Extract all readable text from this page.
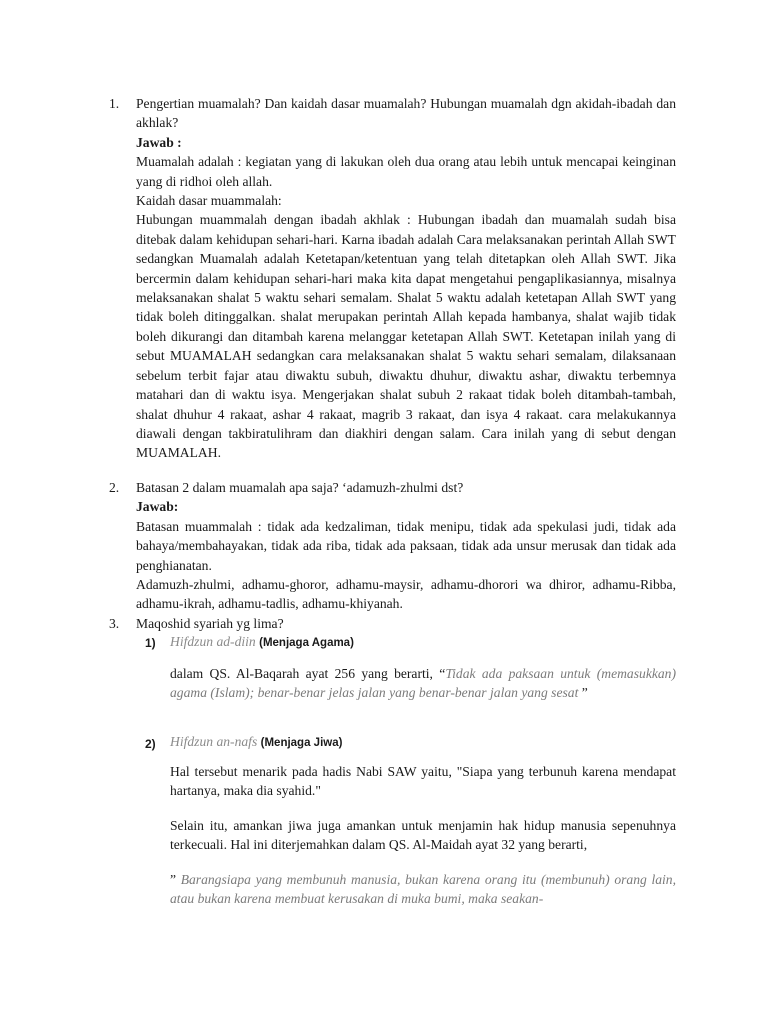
1. Pengertian muamalah? Dan kaidah dasar muamalah? Hubungan muamalah dgn akidah-ibadah dan akhlak?

Jawab :

Muamalah adalah : kegiatan yang di lakukan oleh dua orang atau lebih untuk mencapai keinginan yang di ridhoi oleh allah.

Kaidah dasar muammalah:

Hubungan muammalah dengan ibadah akhlak : Hubungan ibadah dan muamalah sudah bisa ditebak dalam kehidupan sehari-hari. Karna ibadah adalah Cara melaksanakan perintah Allah SWT sedangkan Muamalah adalah Ketetapan/ketentuan yang telah ditetapkan oleh Allah SWT. Jika bercermin dalam kehidupan sehari-hari maka kita dapat mengetahui pengaplikasiannya, misalnya melaksanakan shalat 5 waktu sehari semalam. Shalat 5 waktu adalah ketetapan Allah SWT yang tidak boleh ditinggalkan. shalat merupakan perintah Allah kepada hambanya, shalat wajib tidak boleh dikurangi dan ditambah karena melanggar ketetapan Allah SWT. Ketetapan inilah yang di sebut MUAMALAH sedangkan cara melaksanakan shalat 5 waktu sehari semalam, dilaksanaan sebelum terbit fajar atau diwaktu subuh, diwaktu dhuhur, diwaktu ashar, diwaktu terbemnya matahari dan di waktu isya. Mengerjakan shalat subuh 2 rakaat tidak boleh ditambah-tambah, shalat dhuhur 4 rakaat, ashar 4 rakaat, magrib 3 rakaat, dan isya 4 rakaat. cara melakukannya diawali dengan takbiratulihram dan diakhiri dengan salam. Cara inilah yang di sebut dengan MUAMALAH.

2. Batasan 2 dalam muamalah apa saja? ‘adamuzh-zhulmi dst?

Jawab:

Batasan muammalah : tidak ada kedzaliman, tidak menipu, tidak ada spekulasi judi, tidak ada bahaya/membahayakan, tidak ada riba, tidak ada paksaan, tidak ada unsur merusak dan tidak ada penghianatan.

Adamuzh-zhulmi, adhamu-ghoror, adhamu-maysir, adhamu-dhorori wa dhiror, adhamu-Ribba, adhamu-ikrah, adhamu-tadlis, adhamu-khiyanah.

3. Maqoshid syariah yg lima?

1) Hifdzun ad-diin (Menjaga Agama)

dalam QS. Al-Baqarah ayat 256 yang berarti, “Tidak ada paksaan untuk (memasukkan) agama (Islam); benar-benar jelas jalan yang benar-benar jalan yang sesat ”

2) Hifdzun an-nafs (Menjaga Jiwa)

Hal tersebut menarik pada hadis Nabi SAW yaitu, "Siapa yang terbunuh karena mendapat hartanya, maka dia syahid."

Selain itu, amankan jiwa juga amankan untuk menjamin hak hidup manusia sepenuhnya terkecuali. Hal ini diterjemahkan dalam QS. Al-Maidah ayat 32 yang berarti,

” Barangsiapa yang membunuh manusia, bukan karena orang itu (membunuh) orang lain, atau bukan karena membuat kerusakan di muka bumi, maka seakan-
